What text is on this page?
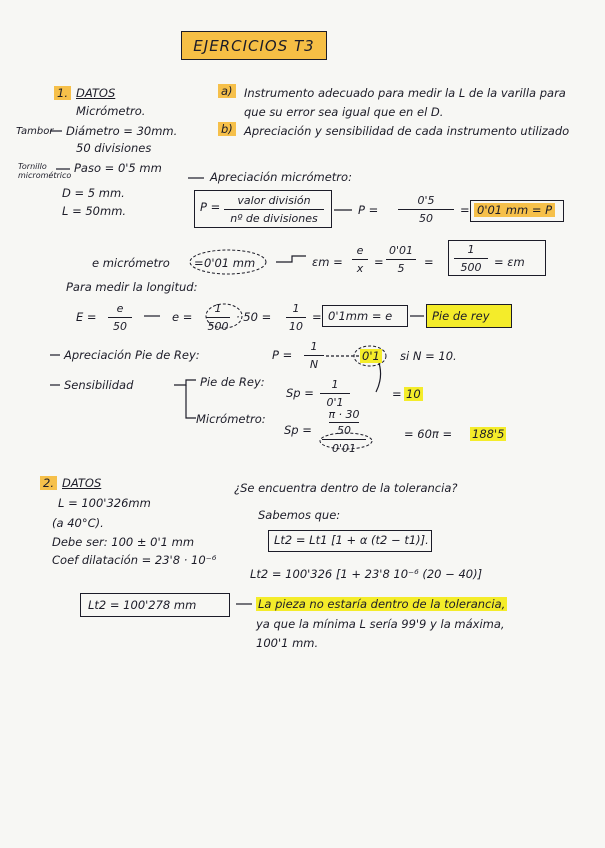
EJERCICIOS T3
1. DATOS
Micrómetro.
Tambor Diámetro = 30mm.
50 divisiones
Tornillo micrométrico
Paso = 0'5 mm
D = 5 mm.
L = 50mm.
a) Instrumento adecuado para medir la L de la varilla para que su error sea igual que en el D.
b) Apreciación y sensibilidad de cada instrumento utilizado
Apreciación micrómetro:
P =	valor división
nº de divisiones
P =
0'5
50
= 0'01 mm = P
e micrómetro = 0'01 mm	εm =
e
x =
0'01
5	=
1
500	= εm
Para medir la longitud:
E =
e
50
e =
1
500
· 50 =
1
10
= 0'1mm = e	Pie de rey
Apreciación Pie de Rey:	P =
1
N
0'1 si N = 10.
Sensibilidad	Pie de Rey:
Sp =
1
0'1
= 10
Micrómetro:
Sp =
π · 30
50
0'01
= 60π = 188'5
2. DATOS
L = 100'326mm
(a 40°C).
Debe ser: 100 ± 0'1 mm
Coef dilatación = 23'8 · 10⁻⁶
¿Se encuentra dentro de la tolerancia?
Sabemos que:
Lt2 = Lt1 [1 + α (t2 − t1)].
Lt2 = 100'326 [1 + 23'8 10⁻⁶ (20 − 40)]
Lt2 = 100'278 mm	La pieza no estaría dentro de la tolerancia,
ya que la mínima L sería 99'9 y la máxima,
100'1 mm.
